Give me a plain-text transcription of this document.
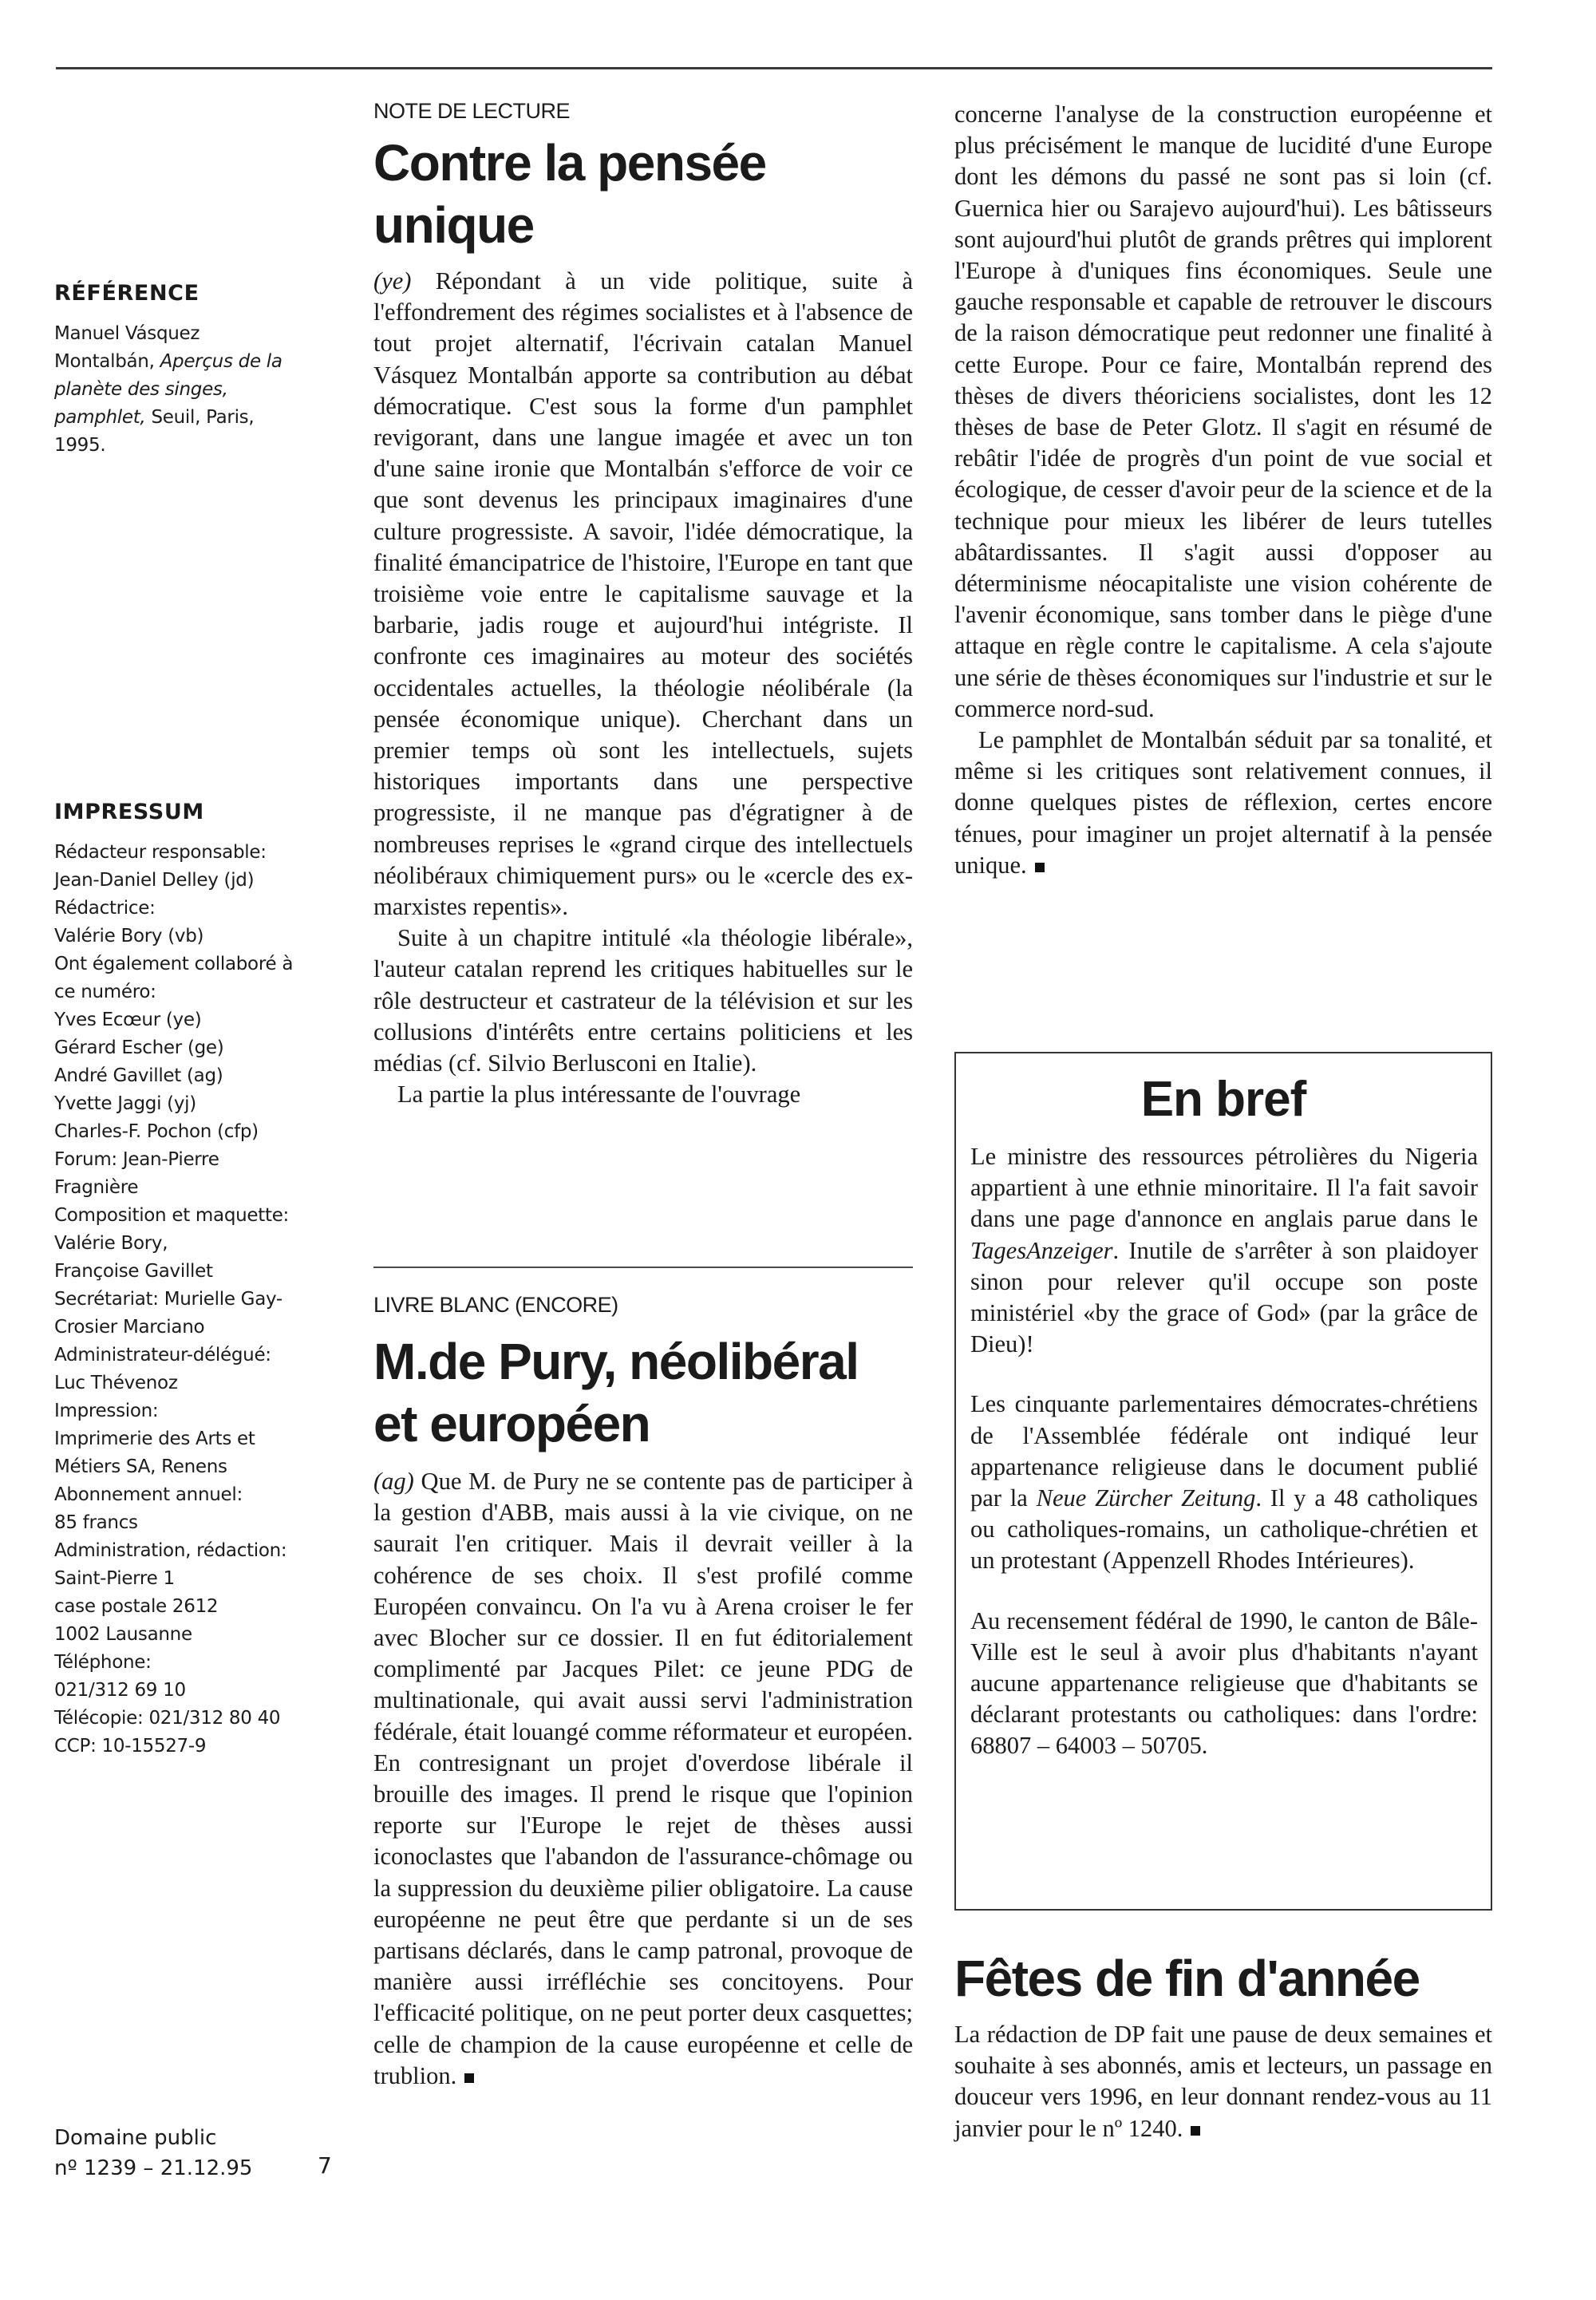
RÉFÉRENCE
Manuel Vásquez
Montalbán, Aperçus de la
planète des singes,
pamphlet, Seuil, Paris,
1995.
IMPRESSUM
Rédacteur responsable:
Jean-Daniel Delley (jd)
Rédactrice:
Valérie Bory (vb)
Ont également collaboré à
ce numéro:
Yves Ecœur (ye)
Gérard Escher (ge)
André Gavillet (ag)
Yvette Jaggi (yj)
Charles-F. Pochon (cfp)
Forum: Jean-Pierre
Fragnière
Composition et maquette:
Valérie Bory,
Françoise Gavillet
Secrétariat: Murielle Gay-
Crosier Marciano
Administrateur-délégué:
Luc Thévenoz
Impression:
Imprimerie des Arts et
Métiers SA, Renens
Abonnement annuel:
85 francs
Administration, rédaction:
Saint-Pierre 1
case postale 2612
1002 Lausanne
Téléphone:
021/312 69 10
Télécopie: 021/312 80 40
CCP: 10-15527-9
Domaine public
nº 1239 – 21.12.95	7
NOTE DE LECTURE
Contre la pensée unique

(ye) Répondant à un vide politique, suite à l'effondrement des régimes socialistes et à l'absence de tout projet alternatif, l'écrivain catalan Manuel Vásquez Montalbán apporte sa contribution au débat démocratique. C'est sous la forme d'un pamphlet revigorant, dans une langue imagée et avec un ton d'une saine ironie que Montalbán s'efforce de voir ce que sont devenus les principaux imaginaires d'une culture progressiste. A savoir, l'idée démocratique, la finalité émancipatrice de l'histoire, l'Europe en tant que troisième voie entre le capitalisme sauvage et la barbarie, jadis rouge et aujourd'hui intégriste. Il confronte ces imaginaires au moteur des sociétés occidentales actuelles, la théologie néolibérale (la pensée économique unique). Cherchant dans un premier temps où sont les intellectuels, sujets historiques importants dans une perspective progressiste, il ne manque pas d'égratigner à de nombreuses reprises le «grand cirque des intellectuels néolibéraux chimiquement purs» ou le «cercle des ex-marxistes repentis».

Suite à un chapitre intitulé «la théologie libérale», l'auteur catalan reprend les critiques habituelles sur le rôle destructeur et castrateur de la télévision et sur les collusions d'intérêts entre certains politiciens et les médias (cf. Silvio Berlusconi en Italie).

La partie la plus intéressante de l'ouvrage

LIVRE BLANC (ENCORE)
M.de Pury, néolibéral et européen

(ag) Que M. de Pury ne se contente pas de participer à la gestion d'ABB, mais aussi à la vie civique, on ne saurait l'en critiquer. Mais il devrait veiller à la cohérence de ses choix. Il s'est profilé comme Européen convaincu. On l'a vu à Arena croiser le fer avec Blocher sur ce dossier. Il en fut éditorialement complimenté par Jacques Pilet: ce jeune PDG de multinationale, qui avait aussi servi l'administration fédérale, était louangé comme réformateur et européen. En contresignant un projet d'overdose libérale il brouille des images. Il prend le risque que l'opinion reporte sur l'Europe le rejet de thèses aussi iconoclastes que l'abandon de l'assurance-chômage ou la suppression du deuxième pilier obligatoire. La cause européenne ne peut être que perdante si un de ses partisans déclarés, dans le camp patronal, provoque de manière aussi irréfléchie ses concitoyens. Pour l'efficacité politique, on ne peut porter deux casquettes; celle de champion de la cause européenne et celle de trublion.

concerne l'analyse de la construction européenne et plus précisément le manque de lucidité d'une Europe dont les démons du passé ne sont pas si loin (cf. Guernica hier ou Sarajevo aujourd'hui). Les bâtisseurs sont aujourd'hui plutôt de grands prêtres qui implorent l'Europe à d'uniques fins économiques. Seule une gauche responsable et capable de retrouver le discours de la raison démocratique peut redonner une finalité à cette Europe. Pour ce faire, Montalbán reprend des thèses de divers théoriciens socialistes, dont les 12 thèses de base de Peter Glotz. Il s'agit en résumé de rebâtir l'idée de progrès d'un point de vue social et écologique, de cesser d'avoir peur de la science et de la technique pour mieux les libérer de leurs tutelles abâtardissantes. Il s'agit aussi d'opposer au déterminisme néocapitaliste une vision cohérente de l'avenir économique, sans tomber dans le piège d'une attaque en règle contre le capitalisme. A cela s'ajoute une série de thèses économiques sur l'industrie et sur le commerce nord-sud.

Le pamphlet de Montalbán séduit par sa tonalité, et même si les critiques sont relativement connues, il donne quelques pistes de réflexion, certes encore ténues, pour imaginer un projet alternatif à la pensée unique.

En bref

Le ministre des ressources pétrolières du Nigeria appartient à une ethnie minoritaire. Il l'a fait savoir dans une page d'annonce en anglais parue dans le TagesAnzeiger. Inutile de s'arrêter à son plaidoyer sinon pour relever qu'il occupe son poste ministériel «by the grace of God» (par la grâce de Dieu)!

Les cinquante parlementaires démocrates-chrétiens de l'Assemblée fédérale ont indiqué leur appartenance religieuse dans le document publié par la Neue Zürcher Zeitung. Il y a 48 catholiques ou catholiques-romains, un catholique-chrétien et un protestant (Appenzell Rhodes Intérieures).

Au recensement fédéral de 1990, le canton de Bâle-Ville est le seul à avoir plus d'habitants n'ayant aucune appartenance religieuse que d'habitants se déclarant protestants ou catholiques: dans l'ordre: 68807 – 64003 – 50705.

Fêtes de fin d'année

La rédaction de DP fait une pause de deux semaines et souhaite à ses abonnés, amis et lecteurs, un passage en douceur vers 1996, en leur donnant rendez-vous au 11 janvier pour le nº 1240.
